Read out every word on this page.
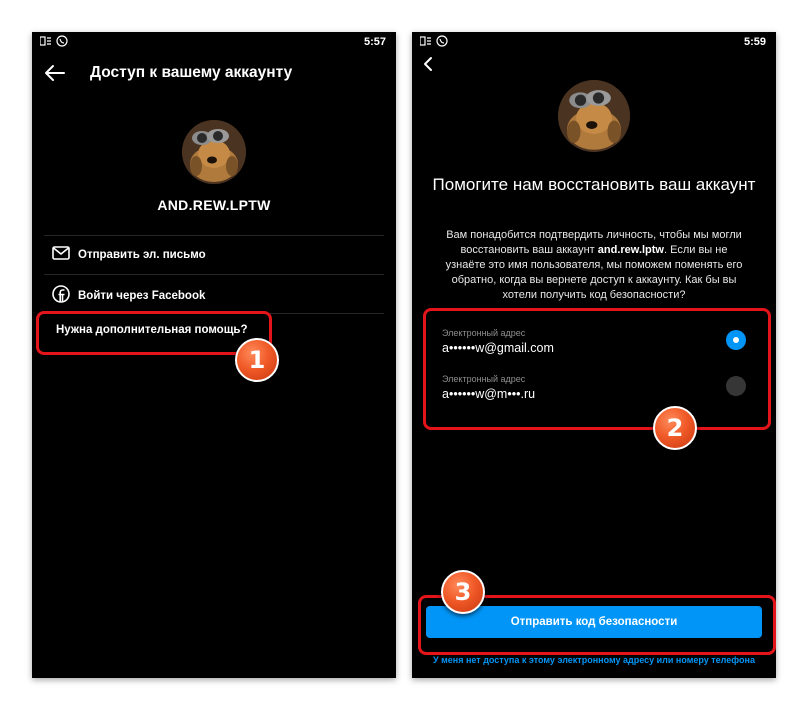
5:57
Доступ к вашему аккаунту
AND.REW.LPTW
Отправить эл. письмо
Войти через Facebook
Нужна дополнительная помощь?
5:59
Помогите нам восстановить ваш аккаунт
Вам понадобится подтвердить личность, чтобы мы могли восстановить ваш аккаунт and.rew.lptw. Если вы не узнаёте это имя пользователя, мы поможем поменять его обратно, когда вы вернете доступ к аккаунту. Как бы вы хотели получить код безопасности?
Электронный адрес
a••••••w@gmail.com
Электронный адрес
a••••••w@m•••.ru
Отправить код безопасности
У меня нет доступа к этому электронному адресу или номеру телефона
1
2
3
